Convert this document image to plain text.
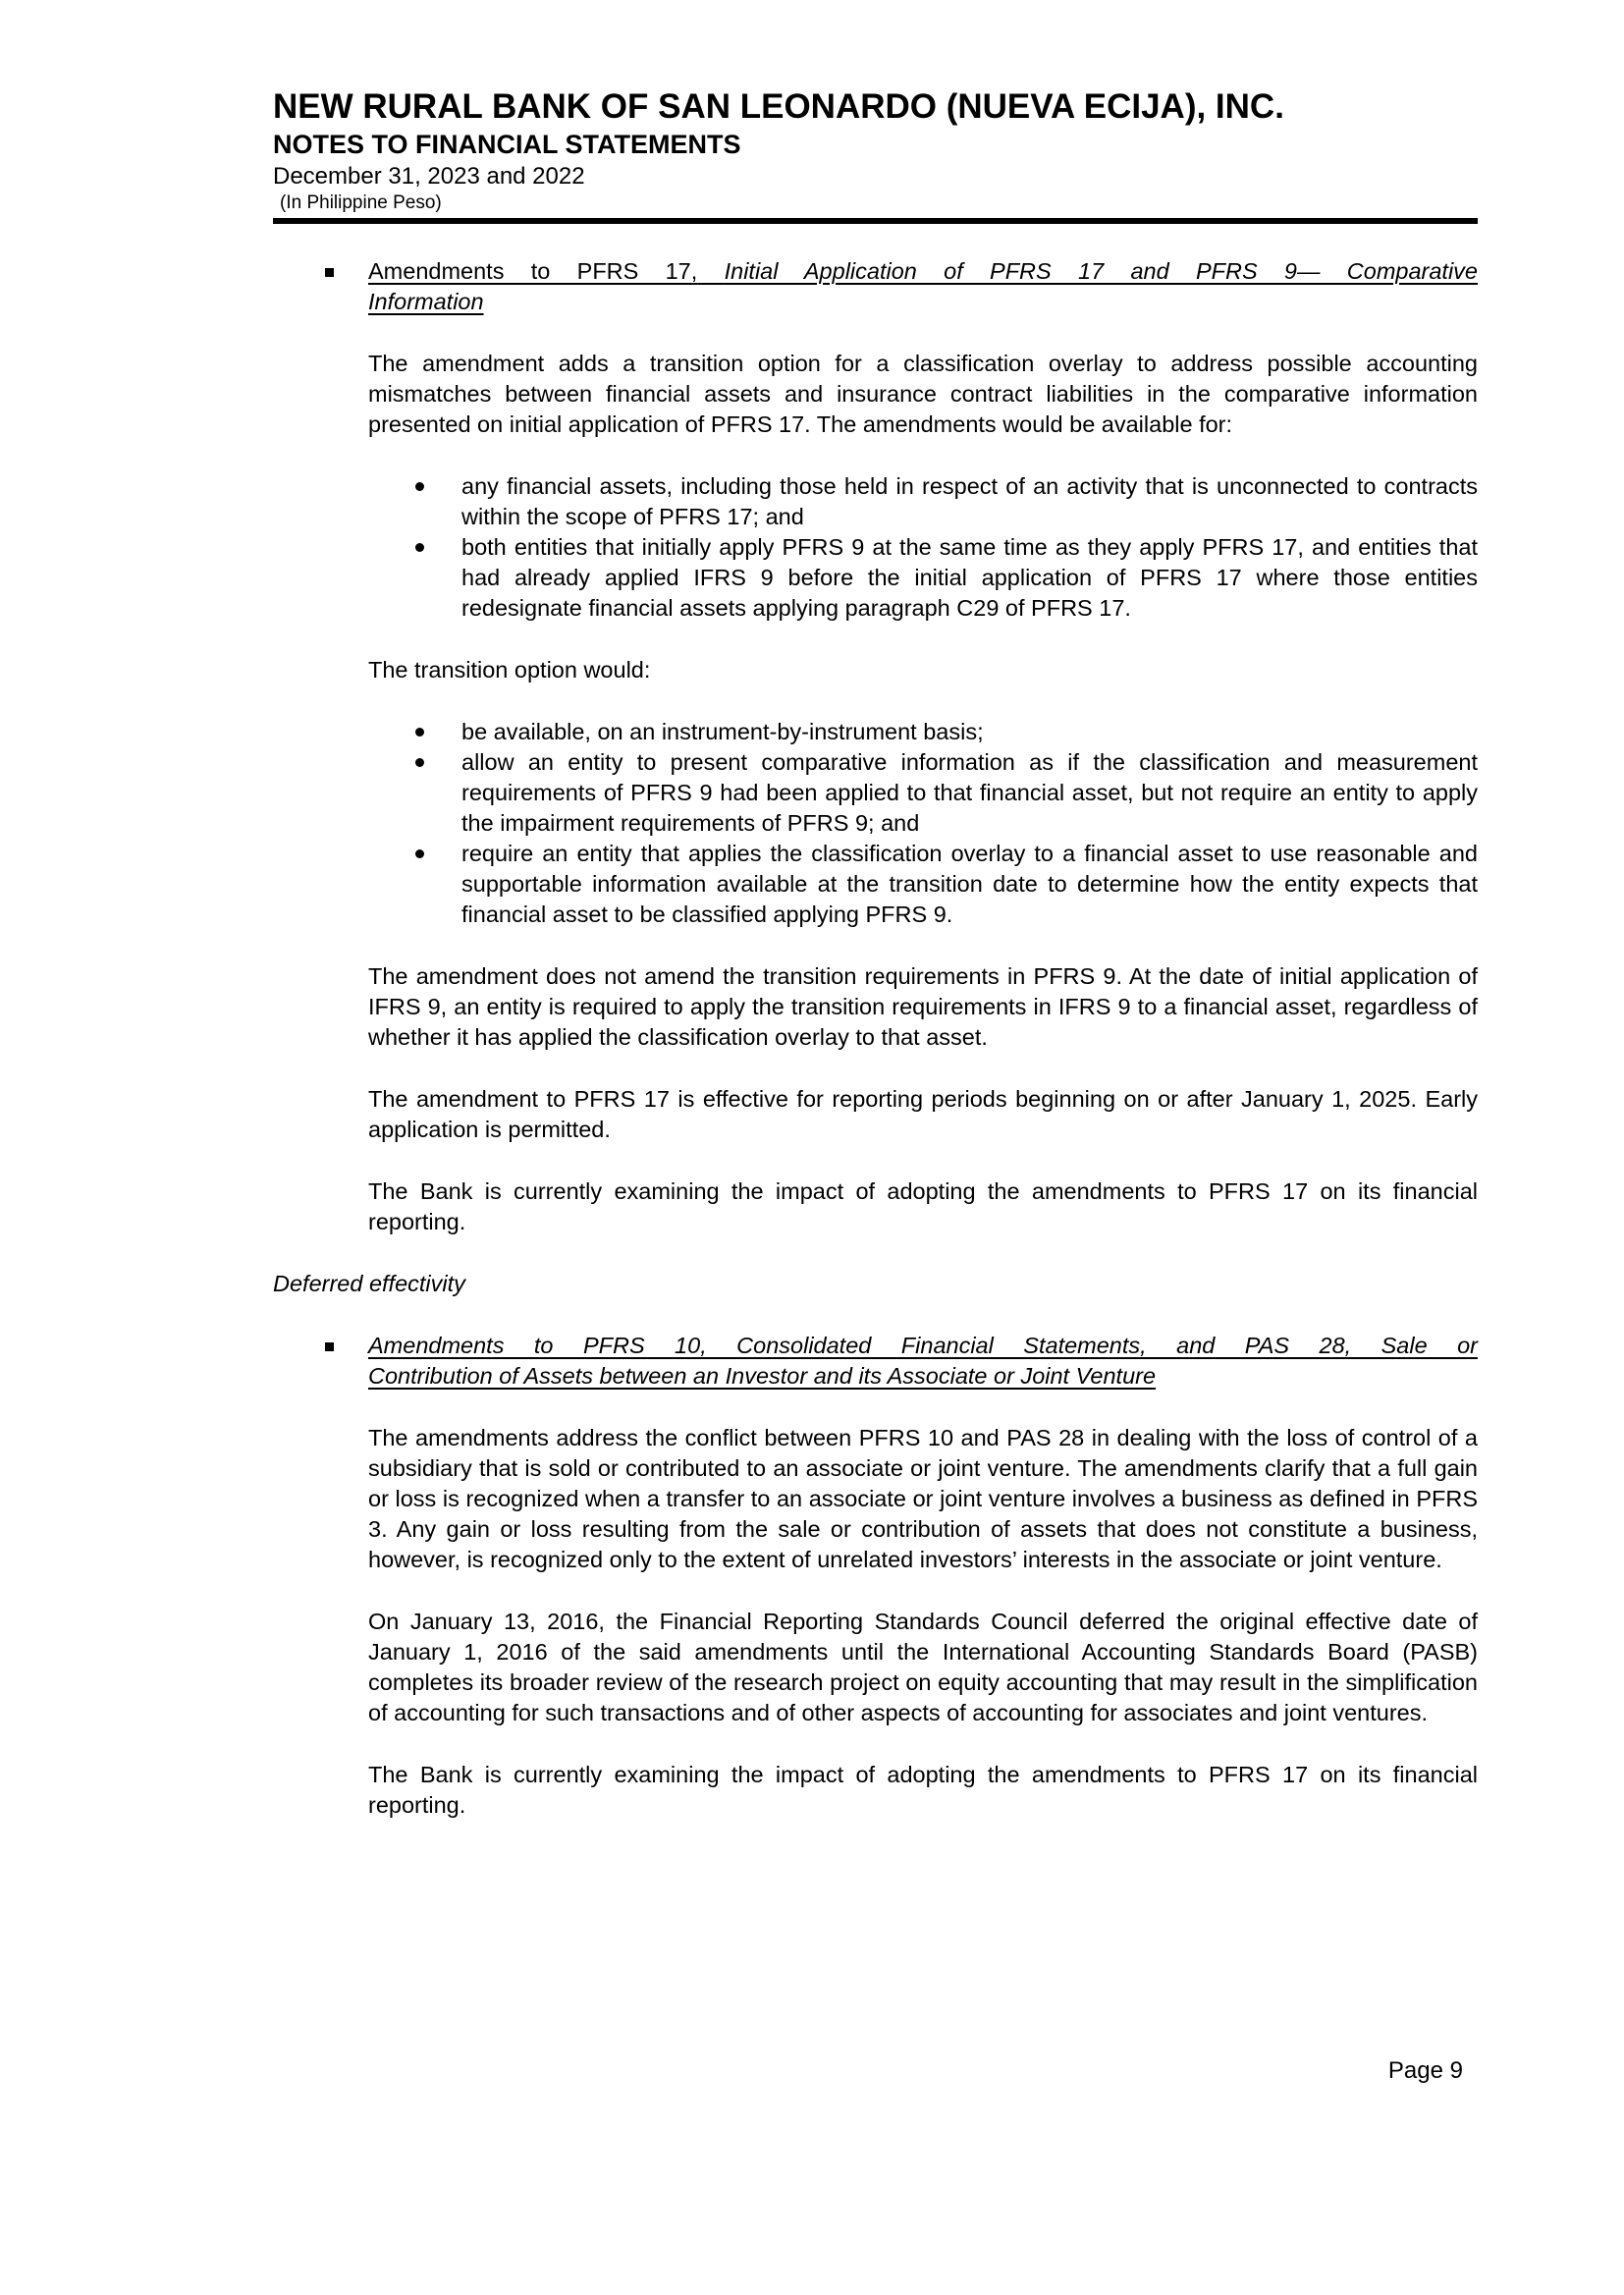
NEW RURAL BANK OF SAN LEONARDO (NUEVA ECIJA), INC.
NOTES TO FINANCIAL STATEMENTS
December 31, 2023 and 2022
(In Philippine Peso)
Amendments to PFRS 17, Initial Application of PFRS 17 and PFRS 9— Comparative
Information

The amendment adds a transition option for a classification overlay to address possible accounting mismatches between financial assets and insurance contract liabilities in the comparative information presented on initial application of PFRS 17. The amendments would be available for:

any financial assets, including those held in respect of an activity that is unconnected to contracts within the scope of PFRS 17; and
both entities that initially apply PFRS 9 at the same time as they apply PFRS 17, and entities that had already applied IFRS 9 before the initial application of PFRS 17 where those entities redesignate financial assets applying paragraph C29 of PFRS 17.

The transition option would:

be available, on an instrument-by-instrument basis;
allow an entity to present comparative information as if the classification and measurement requirements of PFRS 9 had been applied to that financial asset, but not require an entity to apply the impairment requirements of PFRS 9; and
require an entity that applies the classification overlay to a financial asset to use reasonable and supportable information available at the transition date to determine how the entity expects that financial asset to be classified applying PFRS 9.

The amendment does not amend the transition requirements in PFRS 9. At the date of initial application of IFRS 9, an entity is required to apply the transition requirements in IFRS 9 to a financial asset, regardless of whether it has applied the classification overlay to that asset.

The amendment to PFRS 17 is effective for reporting periods beginning on or after January 1, 2025. Early application is permitted.

The Bank is currently examining the impact of adopting the amendments to PFRS 17 on its financial reporting.

Deferred effectivity

Amendments to PFRS 10, Consolidated Financial Statements, and PAS 28, Sale or
Contribution of Assets between an Investor and its Associate or Joint Venture

The amendments address the conflict between PFRS 10 and PAS 28 in dealing with the loss of control of a subsidiary that is sold or contributed to an associate or joint venture. The amendments clarify that a full gain or loss is recognized when a transfer to an associate or joint venture involves a business as defined in PFRS 3. Any gain or loss resulting from the sale or contribution of assets that does not constitute a business, however, is recognized only to the extent of unrelated investors’ interests in the associate or joint venture.

On January 13, 2016, the Financial Reporting Standards Council deferred the original effective date of January 1, 2016 of the said amendments until the International Accounting Standards Board (PASB) completes its broader review of the research project on equity accounting that may result in the simplification of accounting for such transactions and of other aspects of accounting for associates and joint ventures.

The Bank is currently examining the impact of adopting the amendments to PFRS 17 on its financial reporting.

Page 9
